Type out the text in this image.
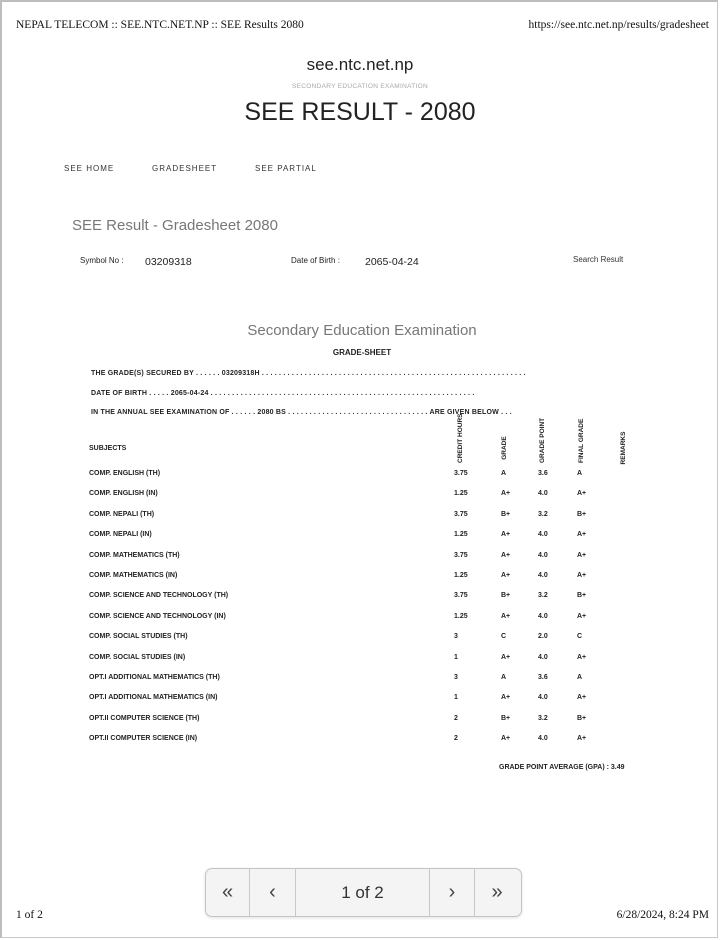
NEPAL TELECOM :: SEE.NTC.NET.NP :: SEE Results 2080	https://see.ntc.net.np/results/gradesheet
see.ntc.net.np
SECONDARY EDUCATION EXAMINATION
SEE RESULT - 2080
SEE HOME	GRADESHEET	SEE PARTIAL
SEE Result - Gradesheet 2080
Symbol No : 03209318	Date of Birth : 2065-04-24	Search Result
Secondary Education Examination
GRADE-SHEET
THE GRADE(S) SECURED BY . . . . . . 03209318H . . . . . . . . . . . . . . . . . . . . . . . . . . . . . . . . . . . . . . . . . . . . . . . . . . . . . . . . . . . . . .
DATE OF BIRTH . . . . . 2065-04-24 . . . . . . . . . . . . . . . . . . . . . . . . . . . . . . . . . . . . . . . . . . . . . . . . . . . . . . . . . . . . . .
IN THE ANNUAL SEE EXAMINATION OF . . . . . . 2080 BS . . . . . . . . . . . . . . . . . . . . . . . . . . . . . . . . . ARE GIVEN BELOW . . .
SUBJECTS	CREDIT HOURS	GRADE	GRADE POINT	FINAL GRADE	REMARKS
COMP. ENGLISH (TH)	3.75	A	3.6	A
COMP. ENGLISH (IN)	1.25	A+	4.0	A+
COMP. NEPALI (TH)	3.75	B+	3.2	B+
COMP. NEPALI (IN)	1.25	A+	4.0	A+
COMP. MATHEMATICS (TH)	3.75	A+	4.0	A+
COMP. MATHEMATICS (IN)	1.25	A+	4.0	A+
COMP. SCIENCE AND TECHNOLOGY (TH)	3.75	B+	3.2	B+
COMP. SCIENCE AND TECHNOLOGY (IN)	1.25	A+	4.0	A+
COMP. SOCIAL STUDIES (TH)	3	C	2.0	C
COMP. SOCIAL STUDIES (IN)	1	A+	4.0	A+
OPT.I ADDITIONAL MATHEMATICS (TH)	3	A	3.6	A
OPT.I ADDITIONAL MATHEMATICS (IN)	1	A+	4.0	A+
OPT.II COMPUTER SCIENCE (TH)	2	B+	3.2	B+
OPT.II COMPUTER SCIENCE (IN)	2	A+	4.0	A+
GRADE POINT AVERAGE (GPA) : 3.49
1 of 2	6/28/2024, 8:24 PM
« ‹	1 of 2	› »
